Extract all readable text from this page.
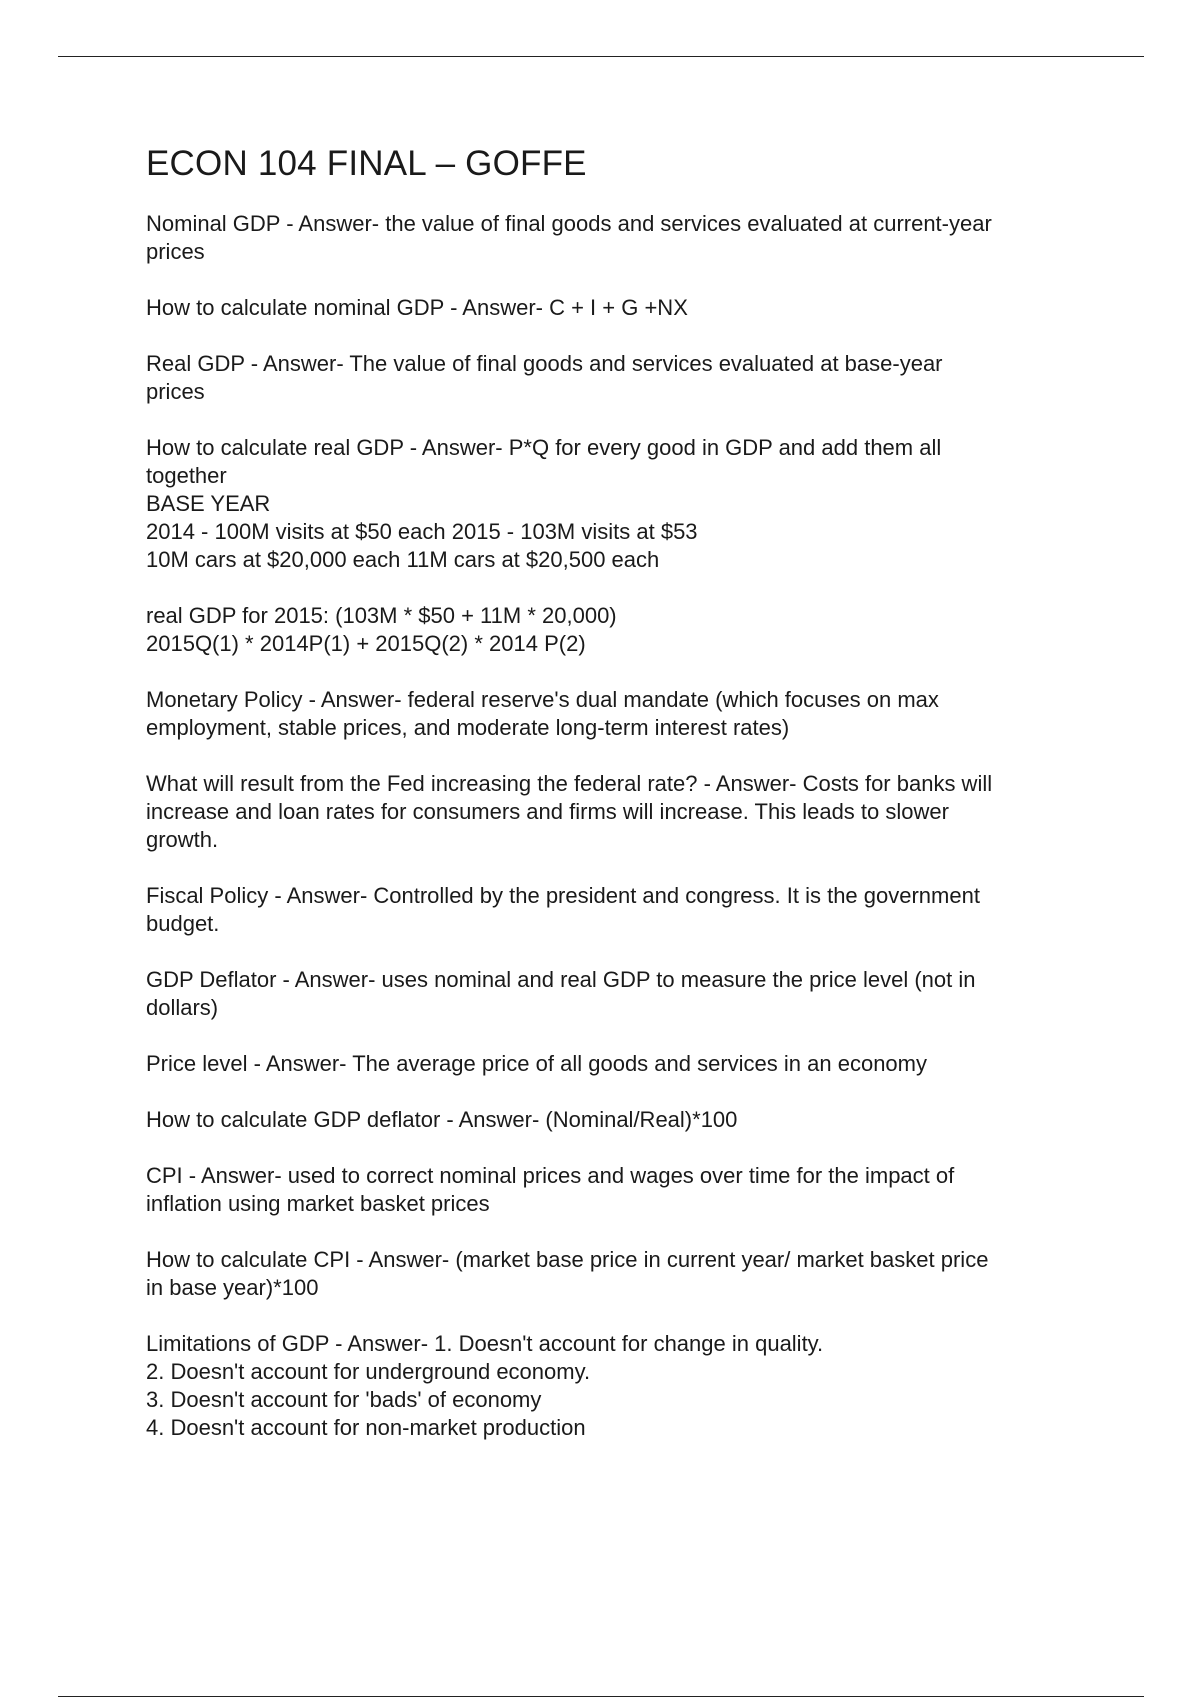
ECON 104 FINAL – GOFFE

Nominal GDP - Answer- the value of final goods and services evaluated at current-year
prices

How to calculate nominal GDP - Answer- C + I + G +NX

Real GDP - Answer- The value of final goods and services evaluated at base-year
prices

How to calculate real GDP - Answer- P*Q for every good in GDP and add them all
together
BASE YEAR
2014 - 100M visits at $50 each 2015 - 103M visits at $53
10M cars at $20,000 each 11M cars at $20,500 each

real GDP for 2015: (103M * $50 + 11M * 20,000)
2015Q(1) * 2014P(1) + 2015Q(2) * 2014 P(2)

Monetary Policy - Answer- federal reserve's dual mandate (which focuses on max
employment, stable prices, and moderate long-term interest rates)

What will result from the Fed increasing the federal rate? - Answer- Costs for banks will
increase and loan rates for consumers and firms will increase. This leads to slower
growth.

Fiscal Policy - Answer- Controlled by the president and congress. It is the government
budget.

GDP Deflator - Answer- uses nominal and real GDP to measure the price level (not in
dollars)

Price level - Answer- The average price of all goods and services in an economy

How to calculate GDP deflator - Answer- (Nominal/Real)*100

CPI - Answer- used to correct nominal prices and wages over time for the impact of
inflation using market basket prices

How to calculate CPI - Answer- (market base price in current year/ market basket price
in base year)*100

Limitations of GDP - Answer- 1. Doesn't account for change in quality.
2. Doesn't account for underground economy.
3. Doesn't account for 'bads' of economy
4. Doesn't account for non-market production
